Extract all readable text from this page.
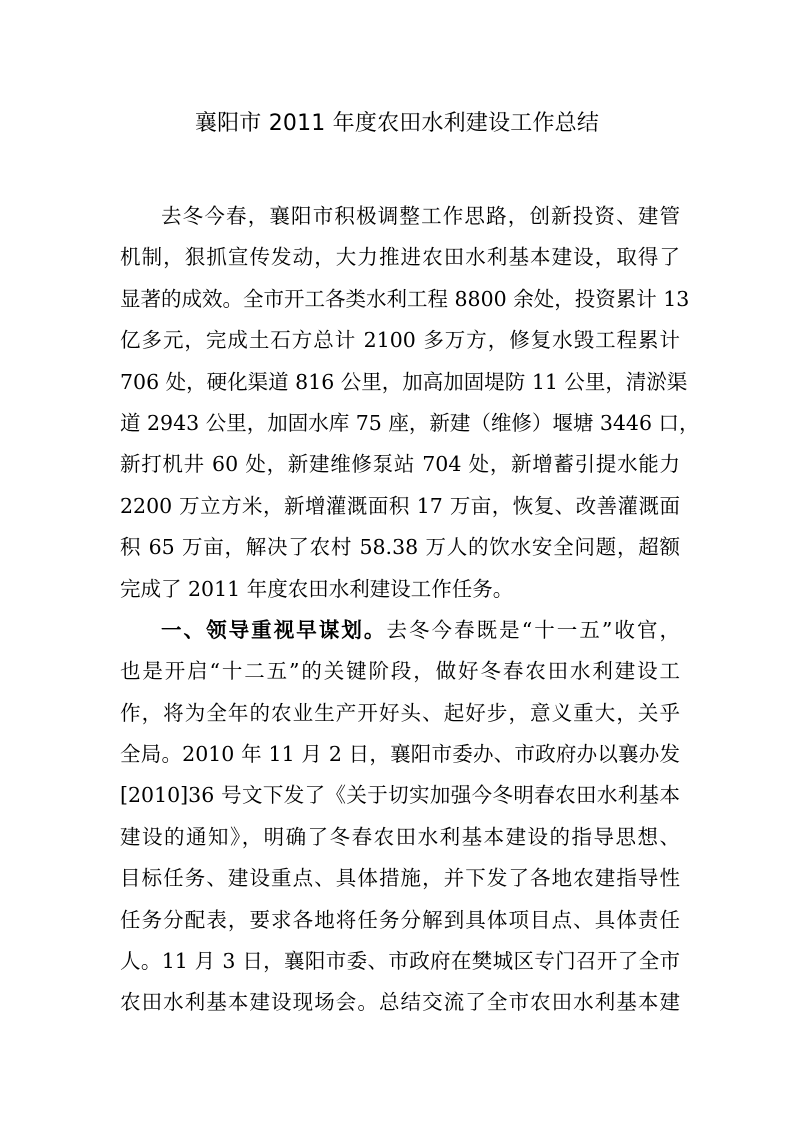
襄阳市 2011 年度农田水利建设工作总结
去冬今春，襄阳市积极调整工作思路，创新投资、建管
机制，狠抓宣传发动，大力推进农田水利基本建设，取得了
显著的成效。全市开工各类水利工程 8800 余处，投资累计 13
亿多元，完成土石方总计 2100 多万方，修复水毁工程累计
706 处，硬化渠道 816 公里，加高加固堤防 11 公里，清淤渠
道 2943 公里，加固水库 75 座，新建（维修）堰塘 3446 口，
新打机井 60 处，新建维修泵站 704 处，新增蓄引提水能力
2200 万立方米，新增灌溉面积 17 万亩，恢复、改善灌溉面
积 65 万亩，解决了农村 58.38 万人的饮水安全问题，超额
完成了 2011 年度农田水利建设工作任务。
一、领导重视早谋划。去冬今春既是“十一五”收官，
也是开启“十二五”的关键阶段，做好冬春农田水利建设工
作，将为全年的农业生产开好头、起好步，意义重大，关乎
全局。2010 年 11 月 2 日，襄阳市委办、市政府办以襄办发
[2010]36 号文下发了《关于切实加强今冬明春农田水利基本
建设的通知》，明确了冬春农田水利基本建设的指导思想、
目标任务、建设重点、具体措施，并下发了各地农建指导性
任务分配表，要求各地将任务分解到具体项目点、具体责任
人。11 月 3 日，襄阳市委、市政府在樊城区专门召开了全市
农田水利基本建设现场会。总结交流了全市农田水利基本建
